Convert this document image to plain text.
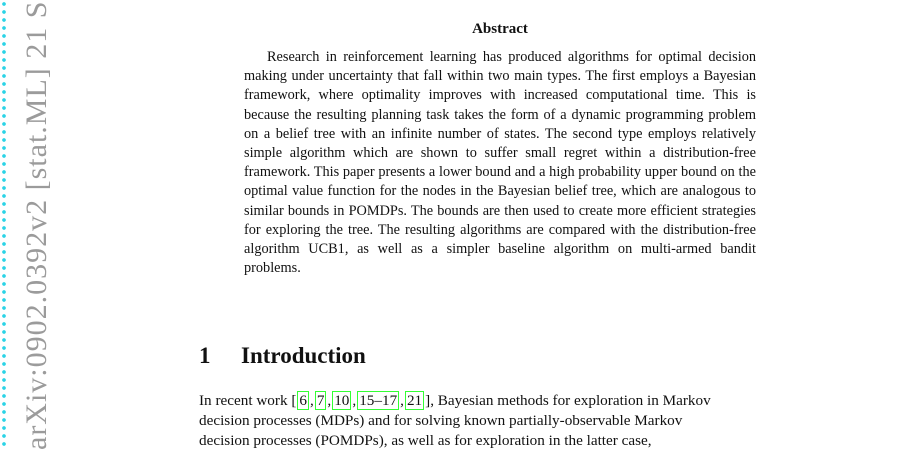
arXiv:0902.0392v2 [stat.ML] 21 S	Abstract

Research in reinforcement learning has produced algorithms for optimal decision making under uncertainty that fall within two main types. The first employs a Bayesian framework, where optimality improves with increased computational time. This is because the resulting planning task takes the form of a dynamic programming problem on a belief tree with an infinite number of states. The second type employs relatively simple algorithm which are shown to suffer small regret within a distribution-free framework. This paper presents a lower bound and a high probability upper bound on the optimal value function for the nodes in the Bayesian belief tree, which are analogous to similar bounds in POMDPs. The bounds are then used to create more efficient strategies for exploring the tree. The resulting algorithms are compared with the distribution-free algorithm UCB1, as well as a simpler baseline algorithm on multi-armed bandit problems.

1 Introduction
In recent work [ 6 , 7 , 10 , 15–17 , 21 ], Bayesian methods for exploration in Markov
decision processes (MDPs) and for solving known partially-observable Markov
decision processes (POMDPs), as well as for exploration in the latter case,
